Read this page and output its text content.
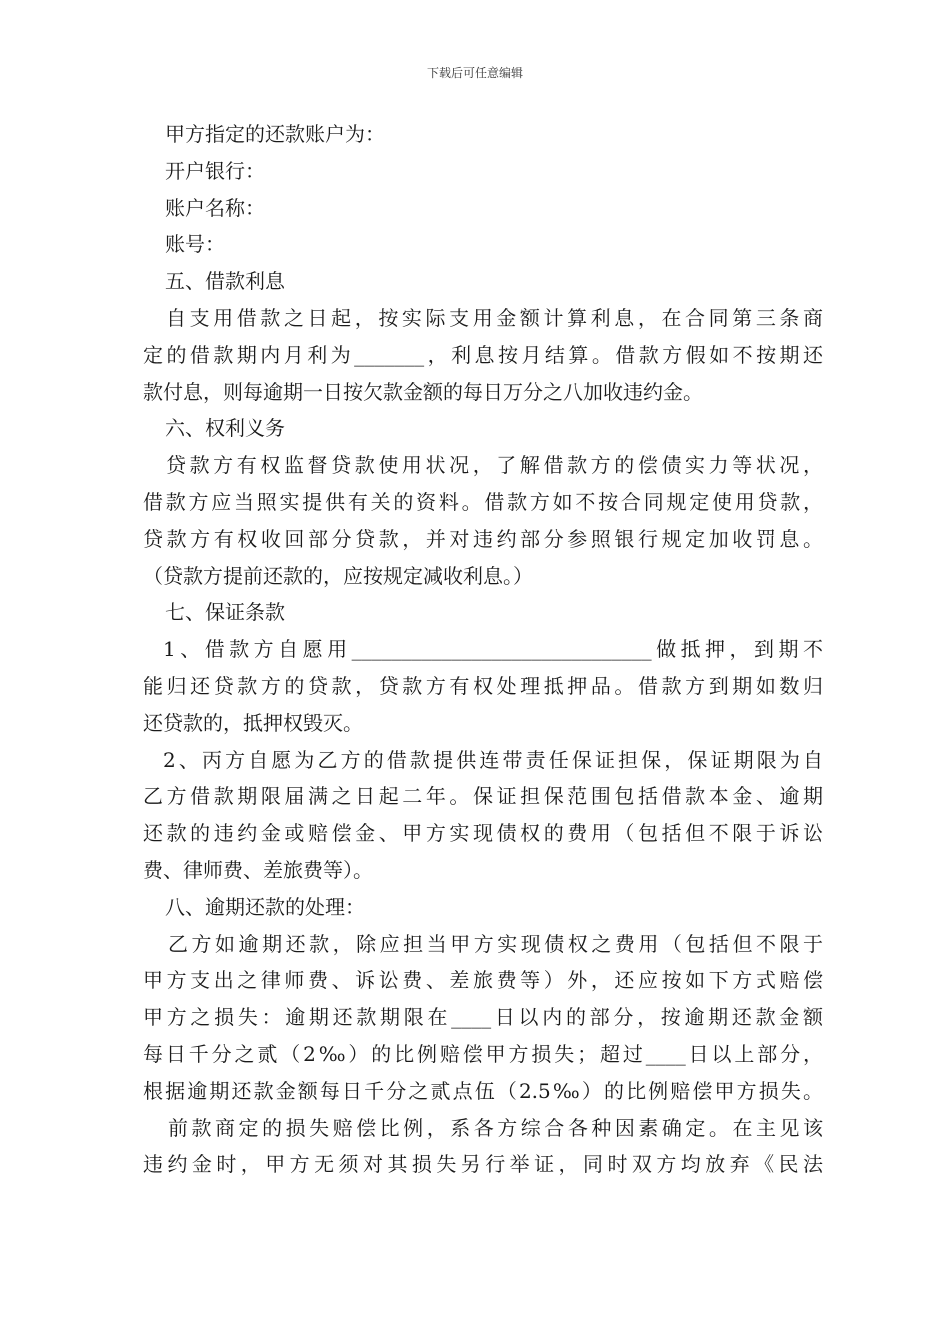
下载后可任意编辑
甲方指定的还款账户为：
开户银行：
账户名称：
账号：
五、借款利息
自支用借款之日起，按实际支用金额计算利息，在合同第三条商
定的借款期内月利为_______，利息按月结算。借款方假如不按期还
款付息，则每逾期一日按欠款金额的每日万分之八加收违约金。
六、权利义务
贷款方有权监督贷款使用状况，了解借款方的偿债实力等状况，
借款方应当照实提供有关的资料。借款方如不按合同规定使用贷款，
贷款方有权收回部分贷款，并对违约部分参照银行规定加收罚息。
（贷款方提前还款的，应按规定减收利息。）
七、保证条款
1、借款方自愿用______________________________做抵押，到期不
能归还贷款方的贷款，贷款方有权处理抵押品。借款方到期如数归
还贷款的，抵押权毁灭。
2、丙方自愿为乙方的借款提供连带责任保证担保，保证期限为自
乙方借款期限届满之日起二年。保证担保范围包括借款本金、逾期
还款的违约金或赔偿金、甲方实现债权的费用（包括但不限于诉讼
费、律师费、差旅费等）。
八、逾期还款的处理：
乙方如逾期还款，除应担当甲方实现债权之费用（包括但不限于
甲方支出之律师费、诉讼费、差旅费等）外，还应按如下方式赔偿
甲方之损失：逾期还款期限在____日以内的部分，按逾期还款金额
每日千分之贰（2‰）的比例赔偿甲方损失；超过____日以上部分，
根据逾期还款金额每日千分之贰点伍（2.5‰）的比例赔偿甲方损失。
前款商定的损失赔偿比例，系各方综合各种因素确定。在主见该
违约金时，甲方无须对其损失另行举证，同时双方均放弃《民法
